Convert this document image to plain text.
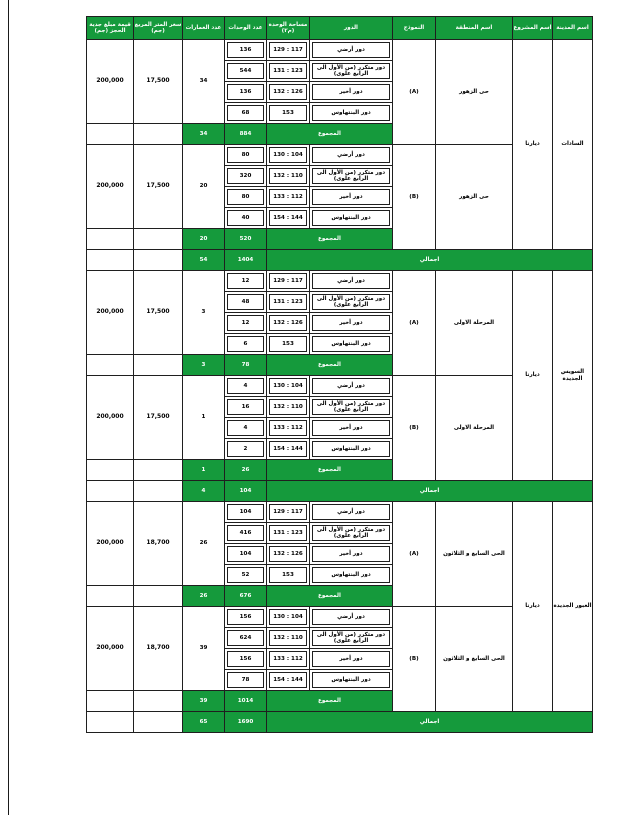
قيمة مبلغ جدية الحجز (جم)	سعر المتر المربع (جم)	عدد العمارات	عدد الوحدات	مساحة الوحدة (م٢)	الدور	النموذج	اسم المنطقة	اسم المشروع	اسم المدينة
200,000	17,500	34	136	129 : 117	دور أرضي	(A)	حى الزهور	ديارنا	السادات

			544	131 : 123	دور متكرر (من الأول الى الرابع علوى)				

			136	132 : 126	دور أخير				

			68	153	دور البنتهاوس				

		34	884	المجموع					
200,000	17,500	20	80	130 : 104	دور أرضي	(B)	حى الزهور		

			320	132 : 110	دور متكرر (من الأول الى الرابع علوى)				

			80	133 : 112	دور أخير				

			40	154 : 144	دور البنتهاوس				

		20	520	المجموع					
		54	1404	اجمالي					
200,000	17,500	3	12	129 : 117	دور أرضي	(A)	المرحلة الاولى	ديارنا	السويس الجديدة

			48	131 : 123	دور متكرر (من الأول الى الرابع علوى)				

			12	132 : 126	دور أخير				

			6	153	دور البنتهاوس				

		3	78	المجموع					
200,000	17,500	1	4	130 : 104	دور أرضي	(B)	المرحلة الاولى		

			16	132 : 110	دور متكرر (من الأول الى الرابع علوى)				

			4	133 : 112	دور أخير				

			2	154 : 144	دور البنتهاوس				

		1	26	المجموع					
		4	104	اجمالي					
200,000	18,700	26	104	129 : 117	دور أرضي	(A)	الحى السابع و الثلاثون	ديارنا	العبور الجديدة

			416	131 : 123	دور متكرر (من الأول الى الرابع علوى)				

			104	132 : 126	دور أخير				

			52	153	دور البنتهاوس				

		26	676	المجموع					
200,000	18,700	39	156	130 : 104	دور أرضي	(B)	الحى السابع و الثلاثون		

			624	132 : 110	دور متكرر (من الأول الى الرابع علوى)				

			156	133 : 112	دور أخير				

			78	154 : 144	دور البنتهاوس				

		39	1014	المجموع					
		65	1690	اجمالي					
